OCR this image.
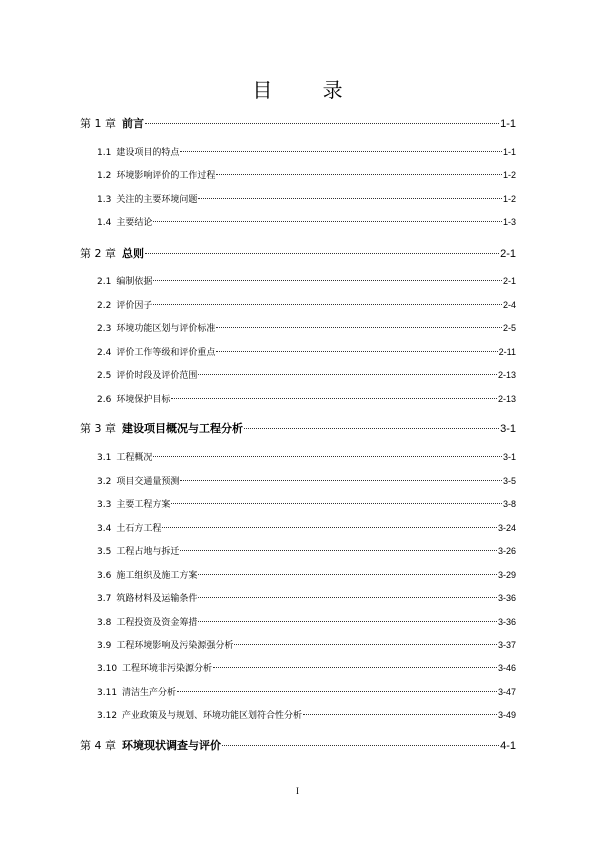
目 录
第 1 章 前言	1-1
1.1 建设项目的特点	1-1
1.2 环境影响评价的工作过程	1-2
1.3 关注的主要环境问题	1-2
1.4 主要结论	1-3
第 2 章 总则	2-1
2.1 编制依据	2-1
2.2 评价因子	2-4
2.3 环境功能区划与评价标准	2-5
2.4 评价工作等级和评价重点	2-11
2.5 评价时段及评价范围	2-13
2.6 环境保护目标	2-13
第 3 章 建设项目概况与工程分析	3-1
3.1 工程概况	3-1
3.2 项目交通量预测	3-5
3.3 主要工程方案	3-8
3.4 土石方工程	3-24
3.5 工程占地与拆迁	3-26
3.6 施工组织及施工方案	3-29
3.7 筑路材料及运输条件	3-36
3.8 工程投资及资金筹措	3-36
3.9 工程环境影响及污染源强分析	3-37
3.10 工程环境非污染源分析	3-46
3.11 清洁生产分析	3-47
3.12 产业政策及与规划、环境功能区划符合性分析	3-49
第 4 章 环境现状调查与评价	4-1
I
